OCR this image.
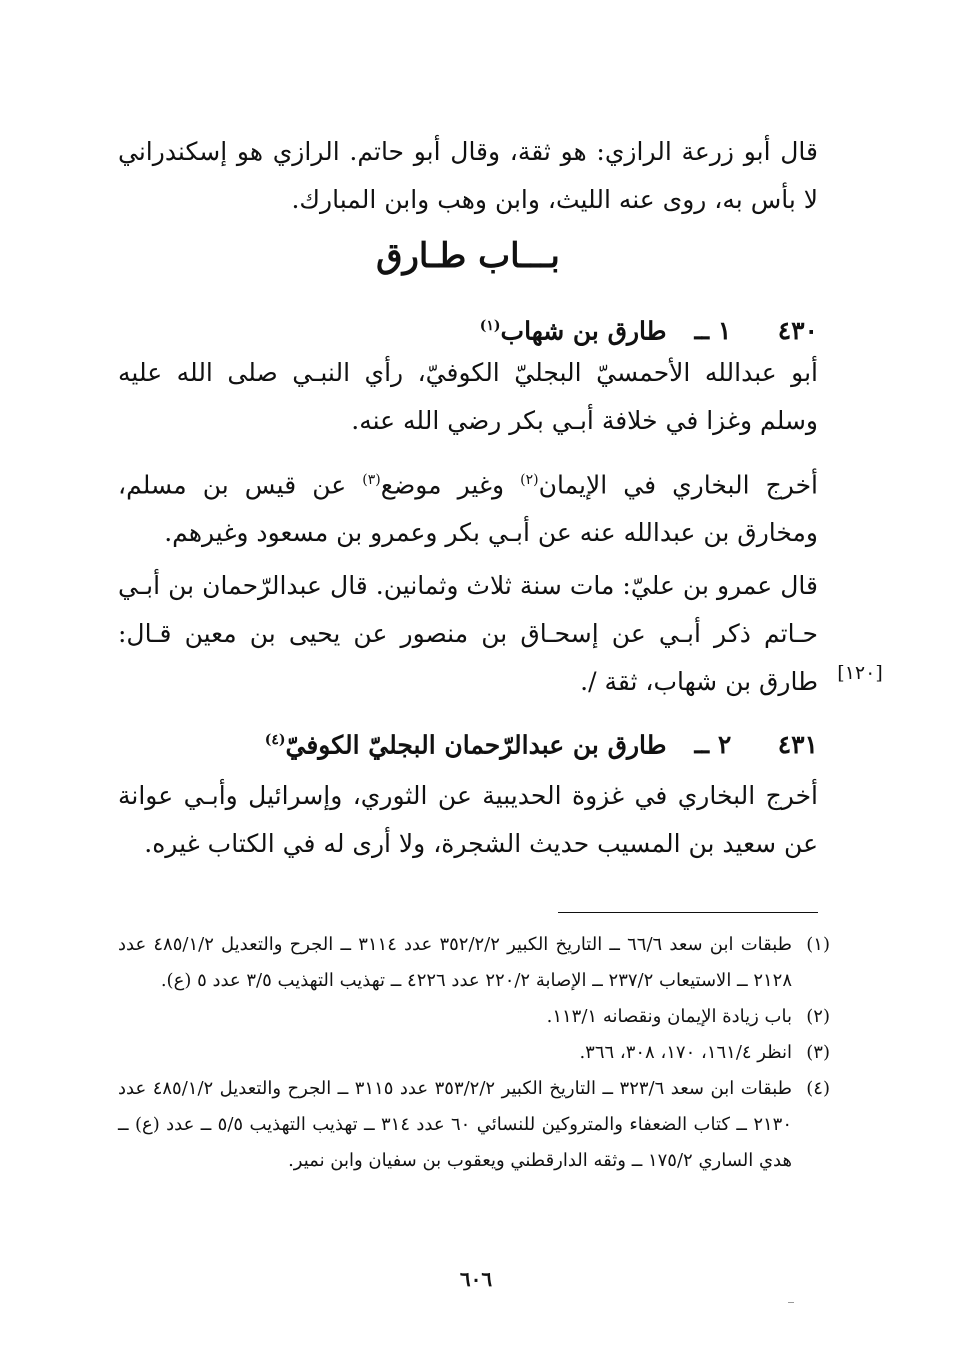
قال أبو زرعة الرازي: هو ثقة، وقال أبو حاتم. الرازي هو إسكندراني لا بأس به، روى عنه الليث، وابن وهب وابن المبارك.
بـــاب طـارق
٤٣٠ ١ ــ طارق بن شهاب$^{(١)}$
أبو عبدالله الأحمسيّ البجليّ الكوفيّ، رأي النبـي صلى الله عليه وسلم وغزا في خلافة أبـي بكر رضي الله عنه.
أخرج البخاري في الإيمان$^{(٢)}$ وغير موضع$^{(٣)}$ عن قيس بن مسلم، ومخارق بن عبدالله عنه عن أبـي بكر وعمرو بن مسعود وغيرهم.
قال عمرو بن عليّ: مات سنة ثلاث وثمانين. قال عبدالرّحمان بن أبـي حـاتم ذكر أبـي عن إسحـاق بن منصور عن يحيى بن معين قـال: طارق بن شهاب، ثقة /.	[١٢٠]
٤٣١ ٢ ــ طارق بن عبدالرّحمان البجليّ الكوفيّ$^{(٤)}$
أخرج البخاري في غزوة الحديبية عن الثوري، وإسرائيل وأبـي عوانة عن سعيد بن المسيب حديث الشجرة، ولا أرى له في الكتاب غيره.
(١)
طبقات ابن سعد ٦٦/٦ ــ التاريخ الكبير ٣٥٢/٢/٢ عدد ٣١١٤ ــ الجرح والتعديل ٤٨٥/١/٢ عدد ٢١٢٨ ــ الاستيعاب ٢٣٧/٢ ــ الإصابة ٢٢٠/٢ عدد ٤٢٢٦ ــ تهذيب التهذيب ٣/٥ عدد ٥ (ع).
(٢)
باب زيادة الإيمان ونقصانه ١١٣/١.
(٣)
انظر ١٦١/٤، ١٧٠، ٣٠٨، ٣٦٦.
(٤)
طبقات ابن سعد ٣٢٣/٦ ــ التاريخ الكبير ٣٥٣/٢/٢ عدد ٣١١٥ ــ الجرح والتعديل ٤٨٥/١/٢ عدد ٢١٣٠ ــ كتاب الضعفاء والمتروكين للنسائي ٦٠ عدد ٣١٤ ــ تهذيب التهذيب ٥/٥ ــ عدد (ع) ــ هدي الساري ١٧٥/٢ ــ وثقه الدارقطني ويعقوب بن سفيان وابن نمير.
٦٠٦
